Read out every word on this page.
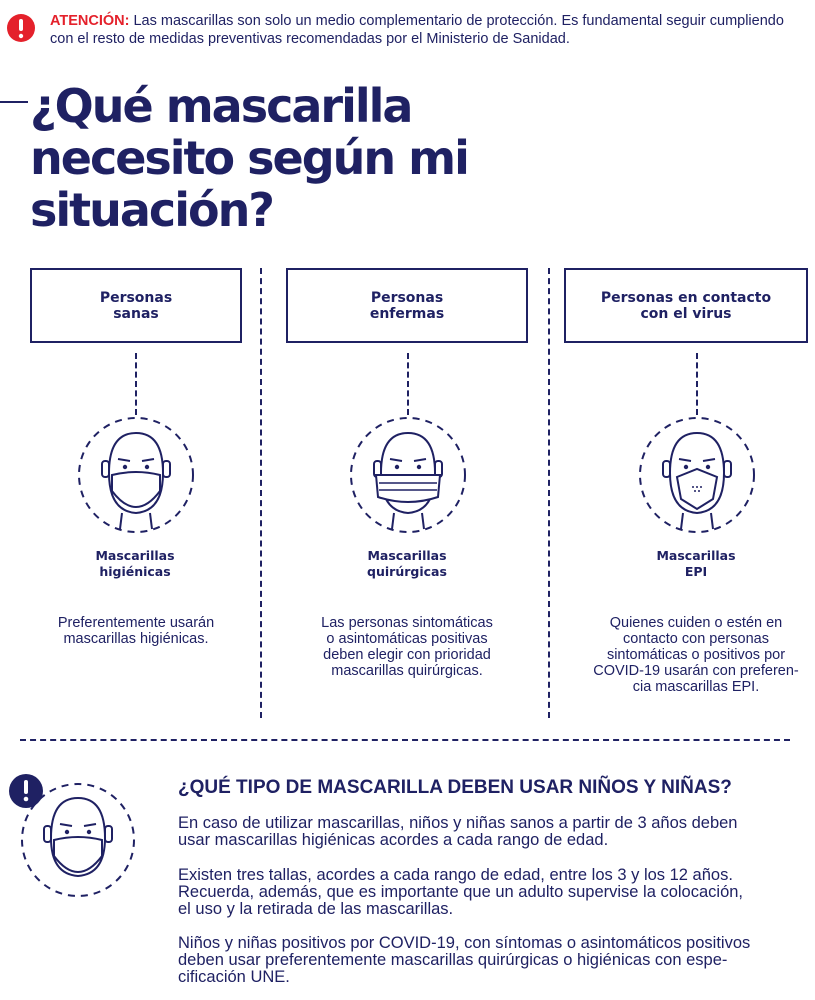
ATENCIÓN: Las mascarillas son solo un medio complementario de protección. Es fundamental seguir cumpliendo con el resto de medidas preventivas recomendadas por el Ministerio de Sanidad.
¿Qué mascarilla necesito según mi situación?
Personas
sanas
Mascarillas
higiénicas
Preferentemente usarán
mascarillas higiénicas.
Personas
enfermas
Mascarillas
quirúrgicas
Las personas sintomáticas
o asintomáticas positivas
deben elegir con prioridad
mascarillas quirúrgicas.
Personas en contacto
con el virus
Mascarillas
EPI
Quienes cuiden o estén en
contacto con personas
sintomáticas o positivos por
COVID-19 usarán con preferen-
cia mascarillas EPI.
¿QUÉ TIPO DE MASCARILLA DEBEN USAR NIÑOS Y NIÑAS?

En caso de utilizar mascarillas, niños y niñas sanos a partir de 3 años deben
usar mascarillas higiénicas acordes a cada rango de edad.

Existen tres tallas, acordes a cada rango de edad, entre los 3 y los 12 años.
Recuerda, además, que es importante que un adulto supervise la colocación,
el uso y la retirada de las mascarillas.

Niños y niñas positivos por COVID-19, con síntomas o asintomáticos positivos
deben usar preferentemente mascarillas quirúrgicas o higiénicas con espe-
cificación UNE.
